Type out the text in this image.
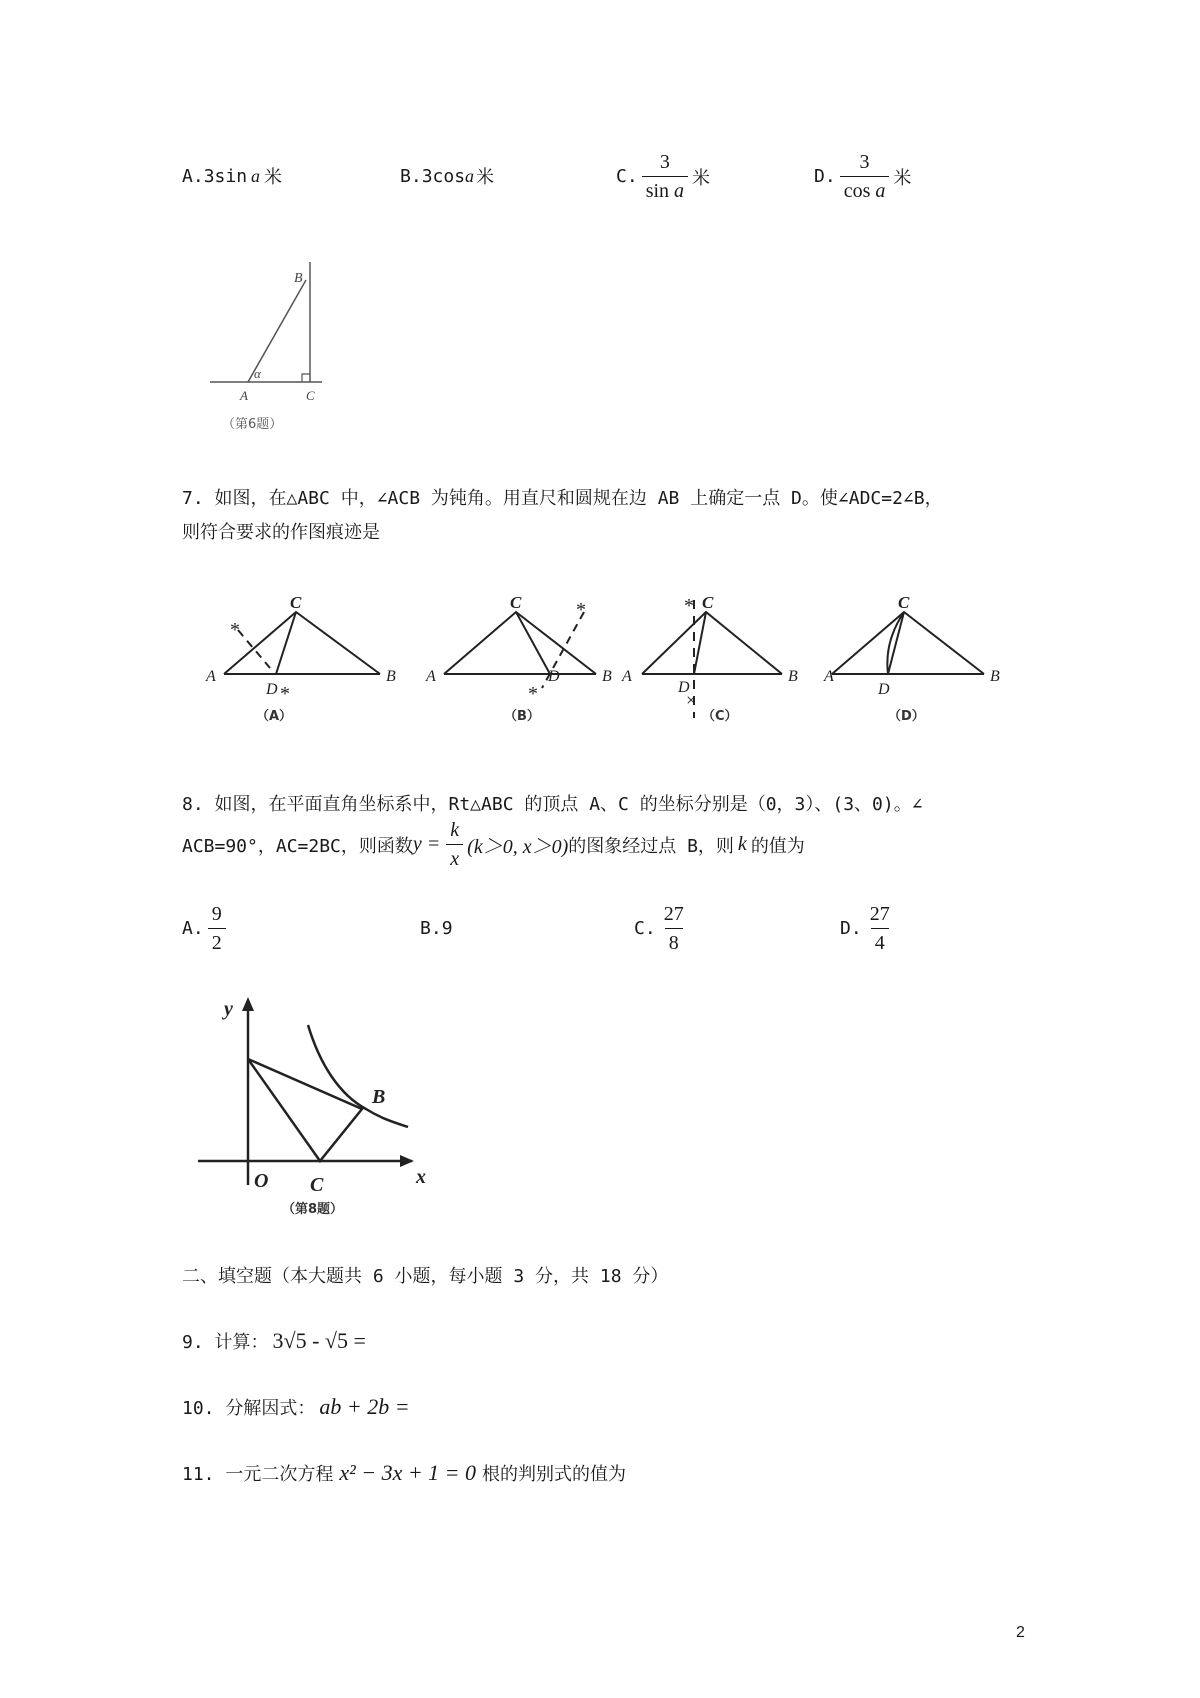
A. 3sin a 米	B. 3cos a 米	C. $\frac{3}{\text{sin a}}$ 米	D. $\frac{3}{\text{cos a}}$ 米
B
α
A	C
（第6题）
7. 如图，在△ABC 中，∠ACB 为钝角。用直尺和圆规在边 AB 上确定一点 D。使∠ADC=2∠B，
则符合要求的作图痕迹是
*
*
C
A	B
D
（A）
*
*
C
A	B
D
（B）
*
×
C
A	B
D
（C）
C
B
D
（D）
A
8. 如图，在平面直角坐标系中，Rt△ABC 的顶点 A、C 的坐标分别是（0，3）、(3、0)。∠
ACB=90°，AC=2BC，则函数 $y = \frac{k}{x} (k>0$, x＞0) 的图象经过点 B，则 k 的值为
A. $\frac{9}{2}$	B. 9	C. $\frac{27}{8}$	D. $\frac{27}{4}$
y
x
O C
B
（第8题）
二、填空题（本大题共 6 小题，每小题 3 分，共 18 分）
9. 计算： 3√5 - √5 =
10. 分解因式： ab + 2b =
11. 一元二次方程 x² − 3x + 1 = 0 根的判别式的值为
2
